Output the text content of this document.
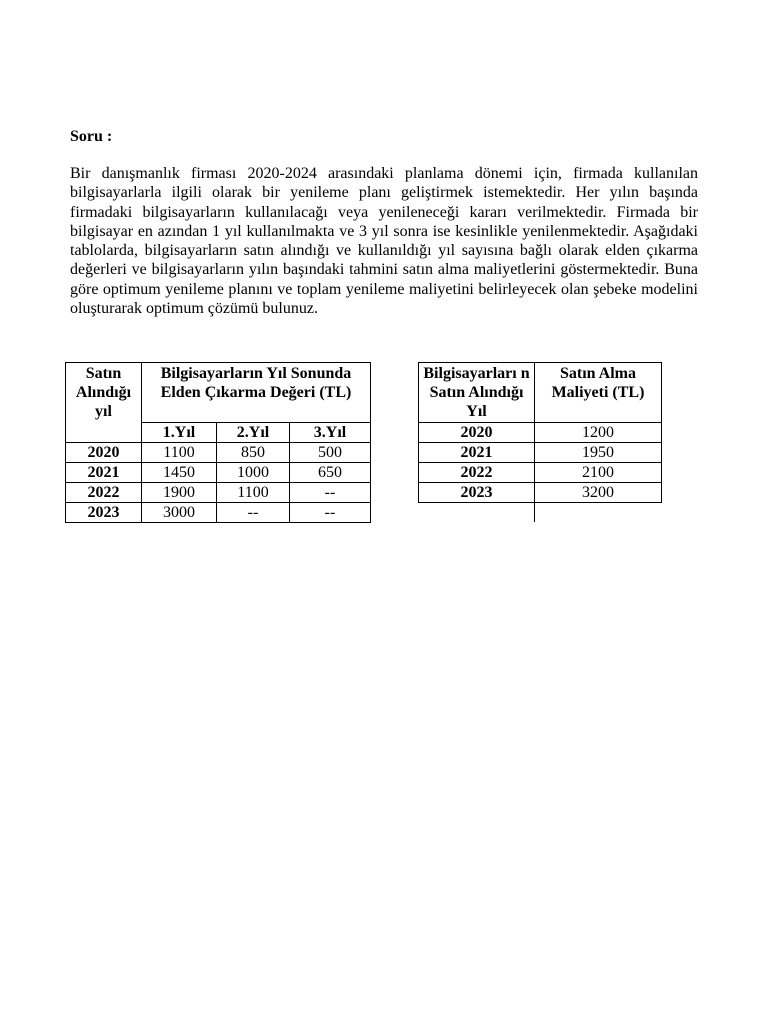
Soru :

Bir danışmanlık firması 2020-2024 arasındaki planlama dönemi için, firmada kullanılan bilgisayarlarla ilgili olarak bir yenileme planı geliştirmek istemektedir. Her yılın başında firmadaki bilgisayarların kullanılacağı veya yenileneceği kararı verilmektedir. Firmada bir bilgisayar en azından 1 yıl kullanılmakta ve 3 yıl sonra ise kesinlikle yenilenmektedir. Aşağıdaki tablolarda, bilgisayarların satın alındığı ve kullanıldığı yıl sayısına bağlı olarak elden çıkarma değerleri ve bilgisayarların yılın başındaki tahmini satın alma maliyetlerini göstermektedir. Buna göre optimum yenileme planını ve toplam yenileme maliyetini belirleyecek olan şebeke modelini oluşturarak optimum çözümü bulunuz.

Satın Alındığı yıl	Bilgisayarların Yıl Sonunda Elden Çıkarma Değeri (TL)		
	1.Yıl	2.Yıl	3.Yıl
2020	1100	850	500
2021	1450	1000	650
2022	1900	1100	--
2023	3000	--	--
Bilgisayarları n Satın Alındığı Yıl	Satın Alma Maliyeti (TL)
2020	1200
2021	1950
2022	2100
2023	3200
